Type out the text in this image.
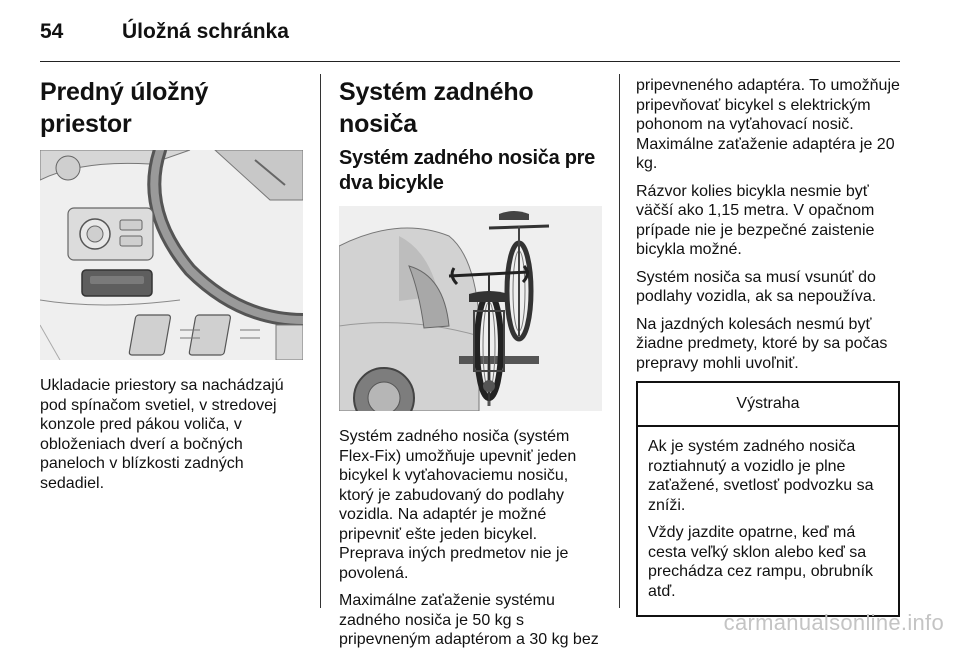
54	Úložná schránka
Predný úložný priestor

Ukladacie priestory sa nachádzajú pod spínačom svetiel, v stredovej konzole pred pákou voliča, v obloženiach dverí a bočných paneloch v blízkosti zadných sedadiel.

Systém zadného nosiča
Systém zadného nosiča pre dva bicykle

Systém zadného nosiča (systém Flex-Fix) umožňuje upevniť jeden bicykel k vyťahovaciemu nosiču, ktorý je zabudovaný do podlahy vozidla. Na adaptér je možné pripevniť ešte jeden bicykel. Preprava iných predmetov nie je povolená.

Maximálne zaťaženie systému zadného nosiča je 50 kg s pripevneným adaptérom a 30 kg bez

pripevneného adaptéra. To umožňuje pripevňovať bicykel s elektrickým pohonom na vyťahovací nosič. Maximálne zaťaženie adaptéra je 20 kg.

Rázvor kolies bicykla nesmie byť väčší ako 1,15 metra. V opačnom prípade nie je bezpečné zaistenie bicykla možné.

Systém nosiča sa musí vsunúť do podlahy vozidla, ak sa nepoužíva.

Na jazdných kolesách nesmú byť žiadne predmety, ktoré by sa počas prepravy mohli uvoľniť.

Výstraha

Ak je systém zadného nosiča roztiahnutý a vozidlo je plne zaťažené, svetlosť podvozku sa zníži.

Vždy jazdite opatrne, keď má cesta veľký sklon alebo keď sa prechádza cez rampu, obrubník atď.

carmanualsonline.info
